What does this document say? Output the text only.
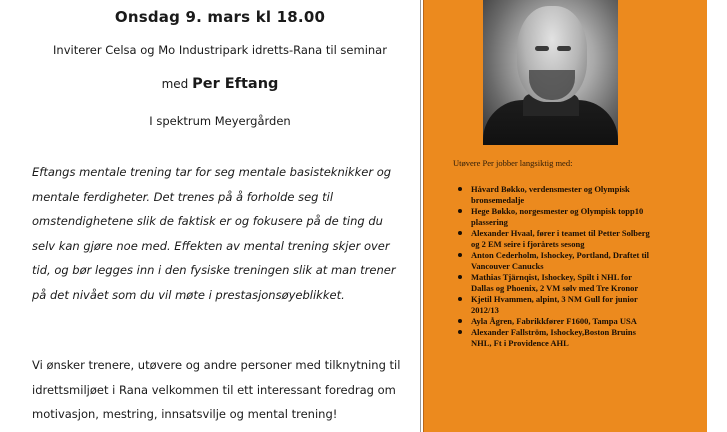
Onsdag 9. mars kl 18.00
Inviterer Celsa og Mo Industripark idretts-Rana til seminar
med Per Eftang
I spektrum Meyergården
Eftangs mentale trening tar for seg mentale basisteknikker og mentale ferdigheter. Det trenes på å forholde seg til omstendighetene slik de faktisk er og fokusere på de ting du selv kan gjøre noe med. Effekten av mental trening skjer over tid, og bør legges inn i den fysiske treningen slik at man trener på det nivået som du vil møte i prestasjonsøyeblikket.
Vi ønsker trenere, utøvere og andre personer med tilknytning til idrettsmiljøet i Rana velkommen til ett interessant foredrag om motivasjon, mestring, innsatsvilje og mental trening!
Utøvere Per jobber langsiktig med:
Håvard Bøkko, verdensmester og Olympisk bronsemedalje
Hege Bøkko, norgesmester og Olympisk topp10 plassering
Alexander Hvaal, fører i teamet til Petter Solberg og 2 EM seire i fjorårets sesong
Anton Cederholm, Ishockey, Portland, Draftet til Vancouver Canucks
Mathias Tjärnqist, Ishockey, Spilt i NHL for Dallas og Phoenix, 2 VM sølv med Tre Kronor
Kjetil Hvammen, alpint, 3 NM Gull for junior 2012/13
Ayla Ågren, Fabrikkfører F1600, Tampa USA
Alexander Fallström, Ishockey,Boston Bruins NHL, Ft i Providence AHL
